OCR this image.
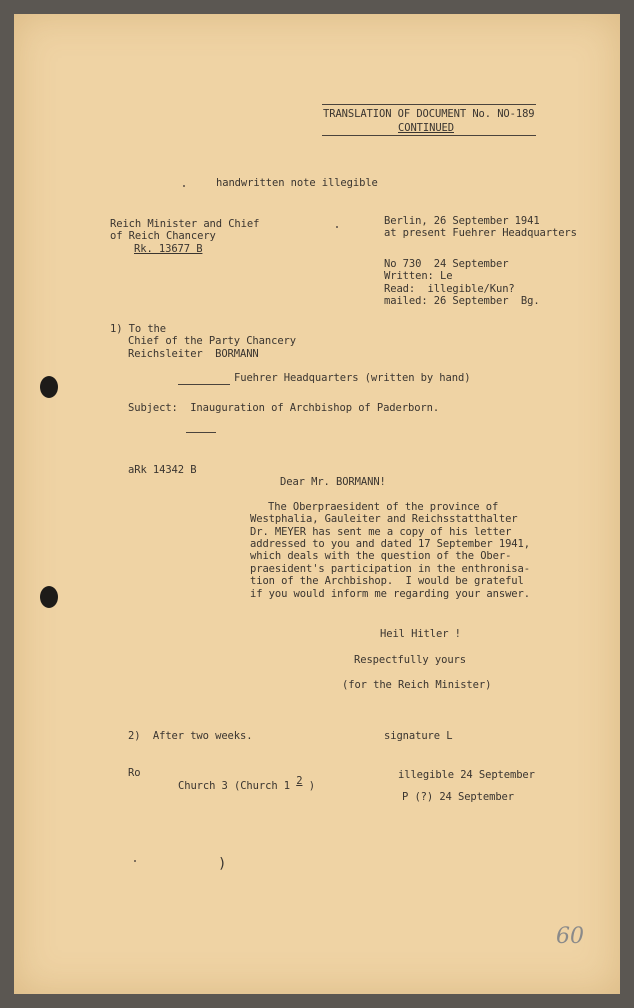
TRANSLATION OF DOCUMENT No. NO-189
CONTINUED
handwritten note illegible
Reich Minister and Chief
of Reich Chancery
Rk. 13677 B
Berlin, 26 September 1941
at present Fuehrer Headquarters
No 730  24 September
Written: Le
Read:  illegible/Kun?
mailed: 26 September  Bg.
1) To the
Chief of the Party Chancery
Reichsleiter  BORMANN
Fuehrer Headquarters (written by hand)
Subject:  Inauguration of Archbishop of Paderborn.
aRk 14342 B
Dear Mr. BORMANN!
The Oberpraesident of the province of
Westphalia, Gauleiter and Reichsstatthalter
Dr. MEYER has sent me a copy of his letter
addressed to you and dated 17 September 1941,
which deals with the question of the Ober-
praesident's participation in the enthronisa-
tion of the Archbishop.  I would be grateful
if you would inform me regarding your answer.
Heil Hitler !
Respectfully yours
(for the Reich Minister)
2)  After two weeks.	signature L
Ro
Church 3 (Church 1 2 )
illegible 24 September
P (?) 24 September
)
60
